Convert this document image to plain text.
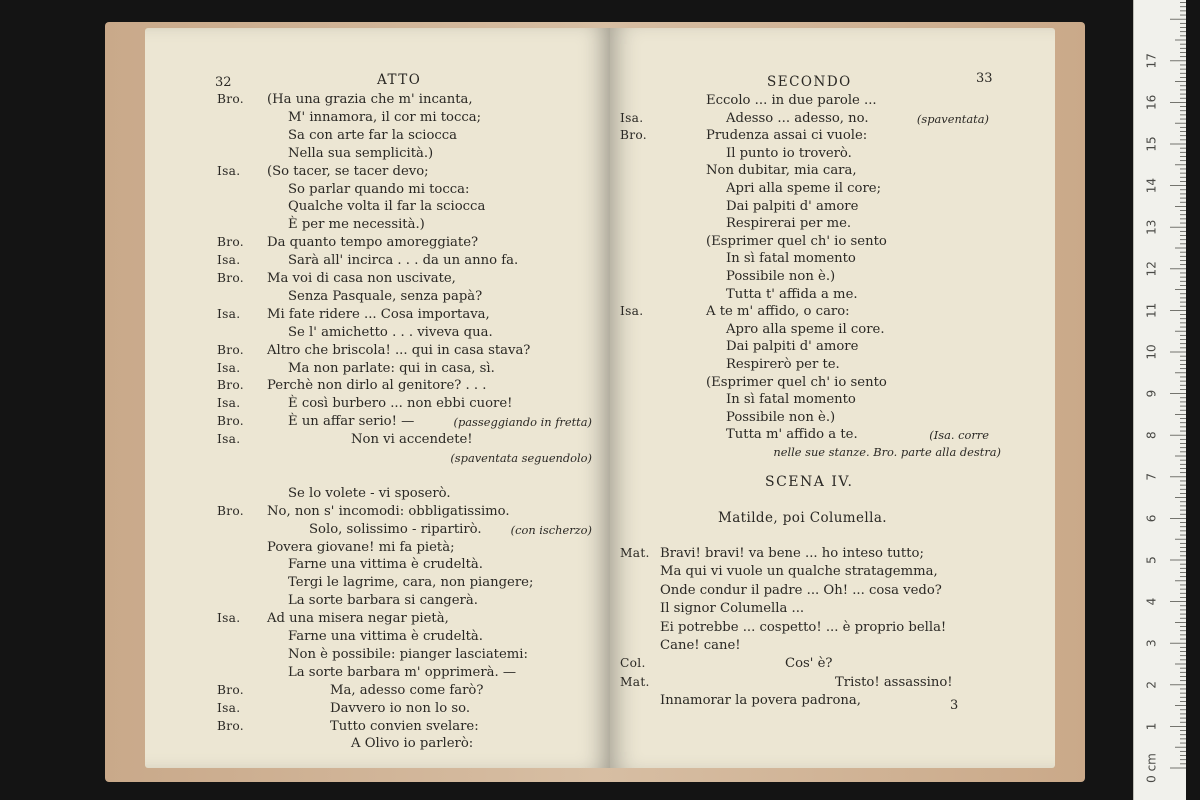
32	ATTO
Bro. (Ha una grazia che m' incanta,
M' innamora, il cor mi tocca;
Sa con arte far la sciocca
Nella sua semplicità.)
Isa. (So tacer, se tacer devo;
So parlar quando mi tocca:
Qualche volta il far la sciocca
È per me necessità.)
Bro. Da quanto tempo amoreggiate?
Isa.	Sarà all' incirca . . . da un anno fa.
Bro. Ma voi di casa non uscivate,
Senza Pasquale, senza papà?
Isa. Mi fate ridere ... Cosa importava,
Se l' amichetto . . . viveva qua.
Bro. Altro che briscola! ... qui in casa stava?
Isa.	Ma non parlate: qui in casa, sì.
Bro. Perchè non dirlo al genitore? . . .
Isa.	È così burbero ... non ebbi cuore!
Bro.	È un affar serio! —	(passeggiando in fretta)
Isa.	Non vi accendete!
(spaventata seguendolo)
Se lo volete - vi sposerò.
Bro. No, non s' incomodi: obbligatissimo.
Solo, solissimo - ripartirò.	(con ischerzo)
Povera giovane! mi fa pietà;
Farne una vittima è crudeltà.
Tergi le lagrime, cara, non piangere;
La sorte barbara si cangerà.
Isa. Ad una misera negar pietà,
Farne una vittima è crudeltà.
Non è possibile: pianger lasciatemi:
La sorte barbara m' opprimerà. —
Bro.	Ma, adesso come farò?
Isa.	Davvero io non lo so.
Bro.	Tutto convien svelare:
A Olivo io parlerò:
SECONDO	33
Eccolo ... in due parole ...
Isa.	Adesso ... adesso, no.	(spaventata)
Bro.	Prudenza assai ci vuole:
Il punto io troverò.
Non dubitar, mia cara,
Apri alla speme il core;
Dai palpiti d' amore
Respirerai per me.
(Esprimer quel ch' io sento
In sì fatal momento
Possibile non è.)
Tutta t' affida a me.
Isa.	A te m' affido, o caro:
Apro alla speme il core.
Dai palpiti d' amore
Respirerò per te.
(Esprimer quel ch' io sento
In sì fatal momento
Possibile non è.)
Tutta m' affido a te.	(Isa. corre
nelle sue stanze. Bro. parte alla destra)
SCENA IV.
Matilde, poi Columella.
Mat. Bravi! bravi! va bene ... ho inteso tutto;
Ma qui vi vuole un qualche stratagemma,
Onde condur il padre ... Oh! ... cosa vedo?
Il signor Columella ...
Ei potrebbe ... cospetto! ... è proprio bella!
Cane! cane!
Col.	Cos' è?
Mat.	Tristo! assassino!
Innamorar la povera padrona,	3
0 cm
1
2
3
4
5
6
7
8
9
10
11
12
13
14
15
16
17
